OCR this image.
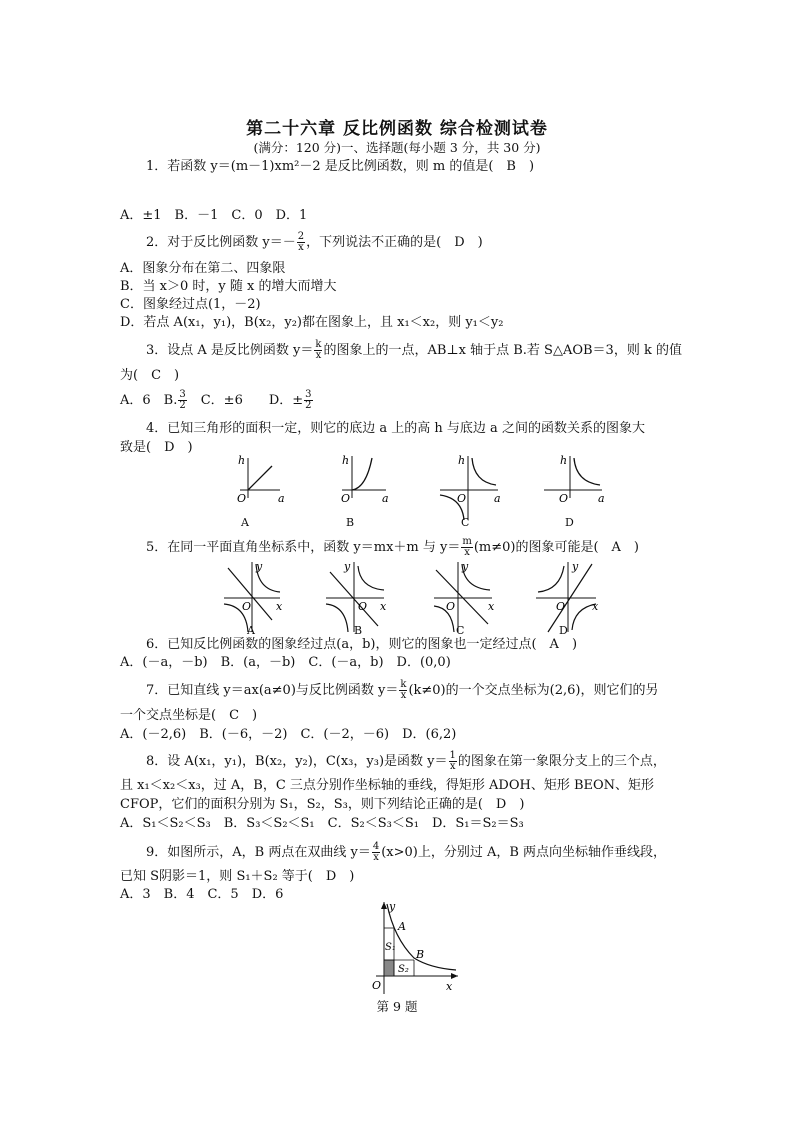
第二十六章 反比例函数 综合检测试卷
(满分：120 分)一、选择题(每小题 3 分，共 30 分)
1．若函数 y＝(m－1)xm²－2 是反比例函数，则 m 的值是(　B　)
A．±1　B．－1　C．0　D．1
2．对于反比例函数 $y=- \frac{2}{x}$ ，下列说法不正确的是(　D　)
A．图象分布在第二、四象限
B．当 x＞0 时，y 随 x 的增大而增大
C．图象经过点(1，－2)
D．若点 A(x₁，y₁)，B(x₂，y₂)都在图象上，且 x₁＜x₂，则 y₁＜y₂
3．设点 A 是反比例函数 $y= \frac{k}{x}$ 的图象上的一点，AB⊥x 轴于点 B.若 S△AOB＝3，则 k 的值
为(　C　)
A．6　B. $\frac{3}{2}$ 　C．±6　　D．± $\frac{3}{2}$
4．已知三角形的面积一定，则它的底边 a 上的高 h 与底边 a 之间的函数关系的图象大
致是(　D　)
h
a
O
h
a
O
h
a
O
h
a
O
A	B	C	D
5．在同一平面直角坐标系中，函数 y＝mx＋m 与 $y= \frac{m}{x} (m\ne 0)$的图象可能是(　A　)
y
x
O
y
x
O
y
x
O
y
x
O
A	B	C	D
6．已知反比例函数的图象经过点(a，b)，则它的图象也一定经过点(　A　)
A．(－a，－b)　B．(a，－b)　C．(－a，b)　D．(0,0)
7．已知直线 y＝ax(a≠0)与反比例函数 $y= \frac{k}{x} (k\ne 0)$的一个交点坐标为(2,6)，则它们的另
一个交点坐标是(　C　)
A．(－2,6)　B．(－6，－2)　C．(－2，－6)　D．(6,2)
8．设 A(x₁，y₁)，B(x₂，y₂)，C(x₃，y₃)是函数 $y= \frac{1}{x}$ 的图象在第一象限分支上的三个点，
且 x₁＜x₂＜x₃，过 A，B，C 三点分别作坐标轴的垂线，得矩形 ADOH、矩形 BEON、矩形
CFOP，它们的面积分别为 S₁，S₂，S₃，则下列结论正确的是(　D　)
A．S₁＜S₂＜S₃　B．S₃＜S₂＜S₁　C．S₂＜S₃＜S₁　D．S₁＝S₂＝S₃
9．如图所示，A，B 两点在双曲线 $y= \frac{4}{x} (x>0)$上，分别过 A，B 两点向坐标轴作垂线段，
已知 S阴影＝1，则 S₁＋S₂ 等于(　D　)
A．3　B．4　C．5　D．6
y
x
O
A
B
S₁
S₂
第 9 题
